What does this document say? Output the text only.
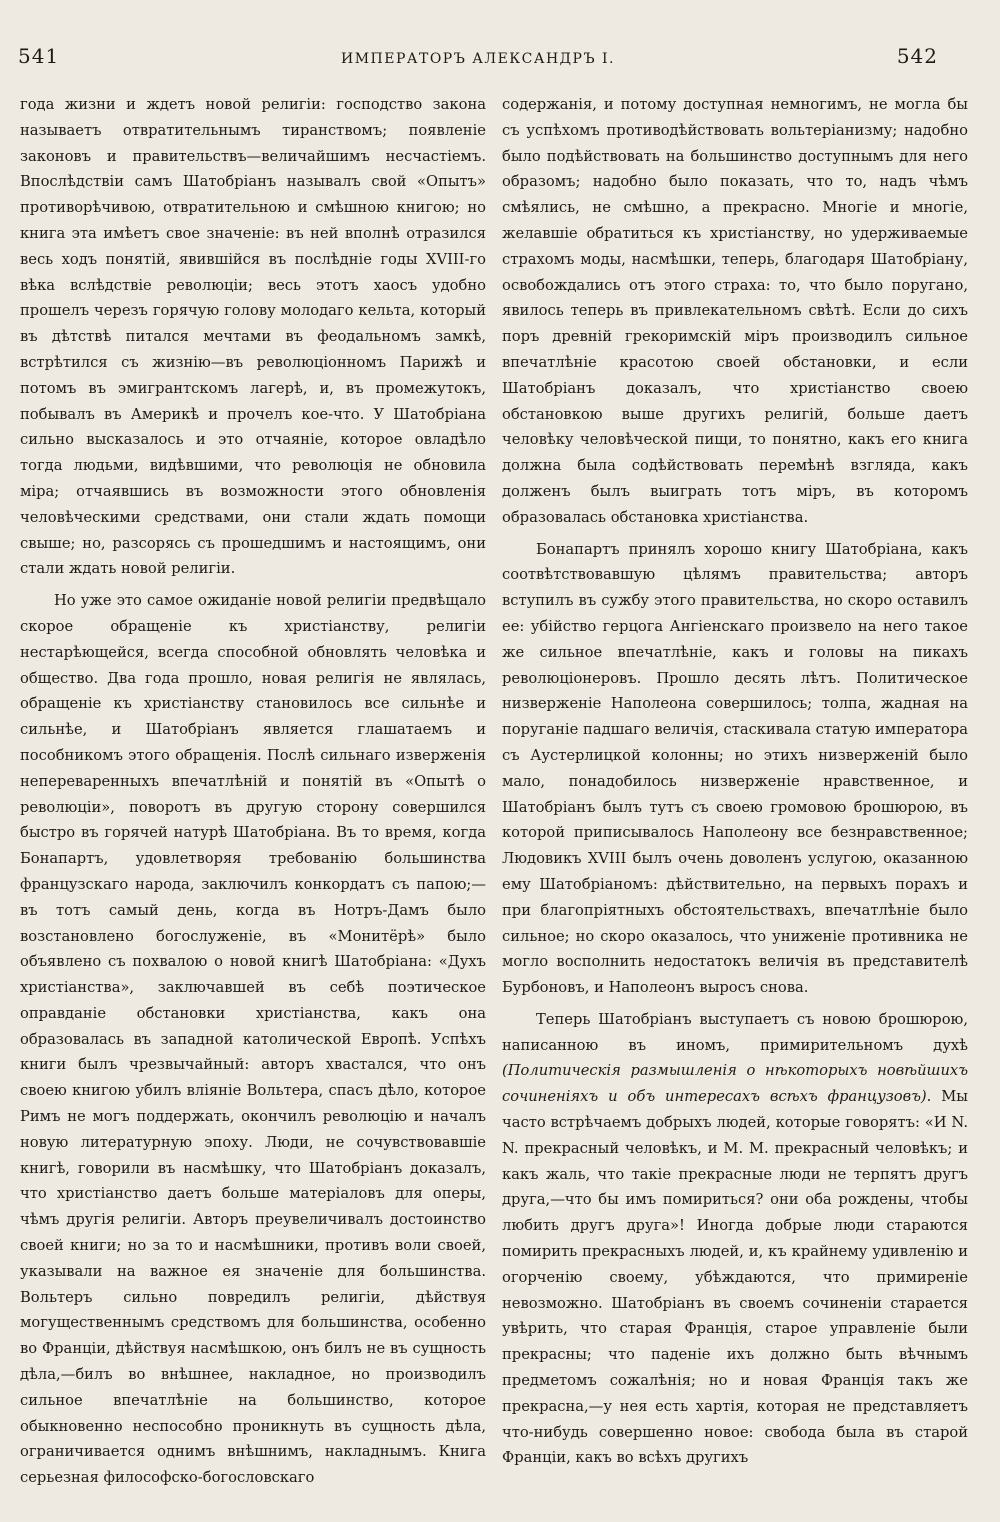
541	ИМПЕРАТОРЪ АЛЕКСАНДРЪ I.	542

года жизни и ждетъ новой религіи: господство закона называетъ отвратительнымъ тиранствомъ; появленіе законовъ и правительствъ—величайшимъ несчастіемъ. Впослѣдствіи самъ Шатобріанъ называлъ свой «Опытъ» противорѣчивою, отвратительною и смѣшною книгою; но книга эта имѣетъ свое значеніе: въ ней вполнѣ отразился весь ходъ понятій, явившійся въ послѣдніе годы XVIII-го вѣка вслѣдствіе революціи; весь этотъ хаосъ удобно прошелъ черезъ горячую голову молодаго кельта, который въ дѣтствѣ питался мечтами въ феодальномъ замкѣ, встрѣтился съ жизнію—въ революціонномъ Парижѣ и потомъ въ эмигрантскомъ лагерѣ, и, въ промежутокъ, побывалъ въ Америкѣ и прочелъ кое-что. У Шатобріана сильно высказалось и это отчаяніе, которое овладѣло тогда людьми, видѣвшими, что революція не обновила міра; отчаявшись въ возможности этого обновленія человѣческими средствами, они стали ждать помощи свыше; но, разсорясь съ прошедшимъ и настоящимъ, они стали ждать новой религіи.

Но уже это самое ожиданіе новой религіи предвѣщало скорое обращеніе къ христіанству, религіи нестарѣющейся, всегда способной обновлять человѣка и общество. Два года прошло, новая религія не являлась, обращеніе къ христіанству становилось все сильнѣе и сильнѣе, и Шатобріанъ является глашатаемъ и пособникомъ этого обращенія. Послѣ сильнаго изверженія непереваренныхъ впечатлѣній и понятій въ «Опытѣ о революціи», поворотъ въ другую сторону совершился быстро въ горячей натурѣ Шатобріана. Въ то время, когда Бонапартъ, удовлетворяя требованію большинства французскаго народа, заключилъ конкордатъ съ папою;—въ тотъ самый день, когда въ Нотръ-Дамъ было возстановлено богослуженіе, въ «Монитёрѣ» было объявлено съ похвалою о новой книгѣ Шатобріана: «Духъ христіанства», заключавшей въ себѣ поэтическое оправданіе обстановки христіанства, какъ она образовалась въ западной католической Европѣ. Успѣхъ книги былъ чрезвычайный: авторъ хвастался, что онъ своею книгою убилъ вліяніе Вольтера, спасъ дѣло, которое Римъ не могъ поддержать, окончилъ революцію и началъ новую литературную эпоху. Люди, не сочувствовавшіе книгѣ, говорили въ насмѣшку, что Шатобріанъ доказалъ, что христіанство даетъ больше матеріаловъ для оперы, чѣмъ другія религіи. Авторъ преувеличивалъ достоинство своей книги; но за то и насмѣшники, противъ воли своей, указывали на важное ея значеніе для большинства. Вольтеръ сильно повредилъ религіи, дѣйствуя могущественнымъ средствомъ для большинства, особенно во Франціи, дѣйствуя насмѣшкою, онъ билъ не въ сущность дѣла,—билъ во внѣшнее, накладное, но производилъ сильное впечатлѣніе на большинство, которое обыкновенно неспособно проникнуть въ сущность дѣла, ограничивается однимъ внѣшнимъ, накладнымъ. Книга серьезная философско-богословскаго

содержанія, и потому доступная немногимъ, не могла бы съ успѣхомъ противодѣйствовать вольтеріанизму; надобно было подѣйствовать на большинство доступнымъ для него образомъ; надобно было показать, что то, надъ чѣмъ смѣялись, не смѣшно, а прекрасно. Многіе и многіе, желавшіе обратиться къ христіанству, но удерживаемые страхомъ моды, насмѣшки, теперь, благодаря Шатобріану, освобождались отъ этого страха: то, что было поругано, явилось теперь въ привлекательномъ свѣтѣ. Если до сихъ поръ древній грекоримскій міръ производилъ сильное впечатлѣніе красотою своей обстановки, и если Шатобріанъ доказалъ, что христіанство своею обстановкою выше другихъ религій, больше даетъ человѣку человѣческой пищи, то понятно, какъ его книга должна была содѣйствовать перемѣнѣ взгляда, какъ долженъ былъ выиграть тотъ міръ, въ которомъ образовалась обстановка христіанства.

Бонапартъ принялъ хорошо книгу Шатобріана, какъ соотвѣтствовавшую цѣлямъ правительства; авторъ вступилъ въ сужбу этого правительства, но скоро оставилъ ее: убійство герцога Ангіенскаго произвело на него такое же сильное впечатлѣніе, какъ и головы на пикахъ революціонеровъ. Прошло десять лѣтъ. Политическое низверженіе Наполеона совершилось; толпа, жадная на поруганіе падшаго величія, стаскивала статую императора съ Аустерлицкой колонны; но этихъ низверженій было мало, понадобилось низверженіе нравственное, и Шатобріанъ былъ тутъ съ своею громовою брошюрою, въ которой приписывалось Наполеону все безнравственное; Людовикъ XVIII былъ очень доволенъ услугою, оказанною ему Шатобріаномъ: дѣйствительно, на первыхъ порахъ и при благопріятныхъ обстоятельствахъ, впечатлѣніе было сильное; но скоро оказалось, что униженіе противника не могло восполнить недостатокъ величія въ представителѣ Бурбоновъ, и Наполеонъ выросъ снова.

Теперь Шатобріанъ выступаетъ съ новою брошюрою, написанною въ иномъ, примирительномъ духѣ (Политическія размышленія о нѣкоторыхъ новѣйшихъ сочиненіяхъ и объ интересахъ всѣхъ французовъ). Мы часто встрѣчаемъ добрыхъ людей, которые говорятъ: «И N. N. прекрасный человѣкъ, и М. М. прекрасный человѣкъ; и какъ жаль, что такіе прекрасные люди не терпятъ другъ друга,—что бы имъ помириться? они оба рождены, чтобы любить другъ друга»! Иногда добрые люди стараются помирить прекрасныхъ людей, и, къ крайнему удивленію и огорченію своему, убѣждаются, что примиреніе невозможно. Шатобріанъ въ своемъ сочиненіи старается увѣрить, что старая Франція, старое управленіе были прекрасны; что паденіе ихъ должно быть вѣчнымъ предметомъ сожалѣнія; но и новая Франція такъ же прекрасна,—у нея есть хартія, которая не представляетъ что-нибудь совершенно новое: свобода была въ старой Франціи, какъ во всѣхъ другихъ
